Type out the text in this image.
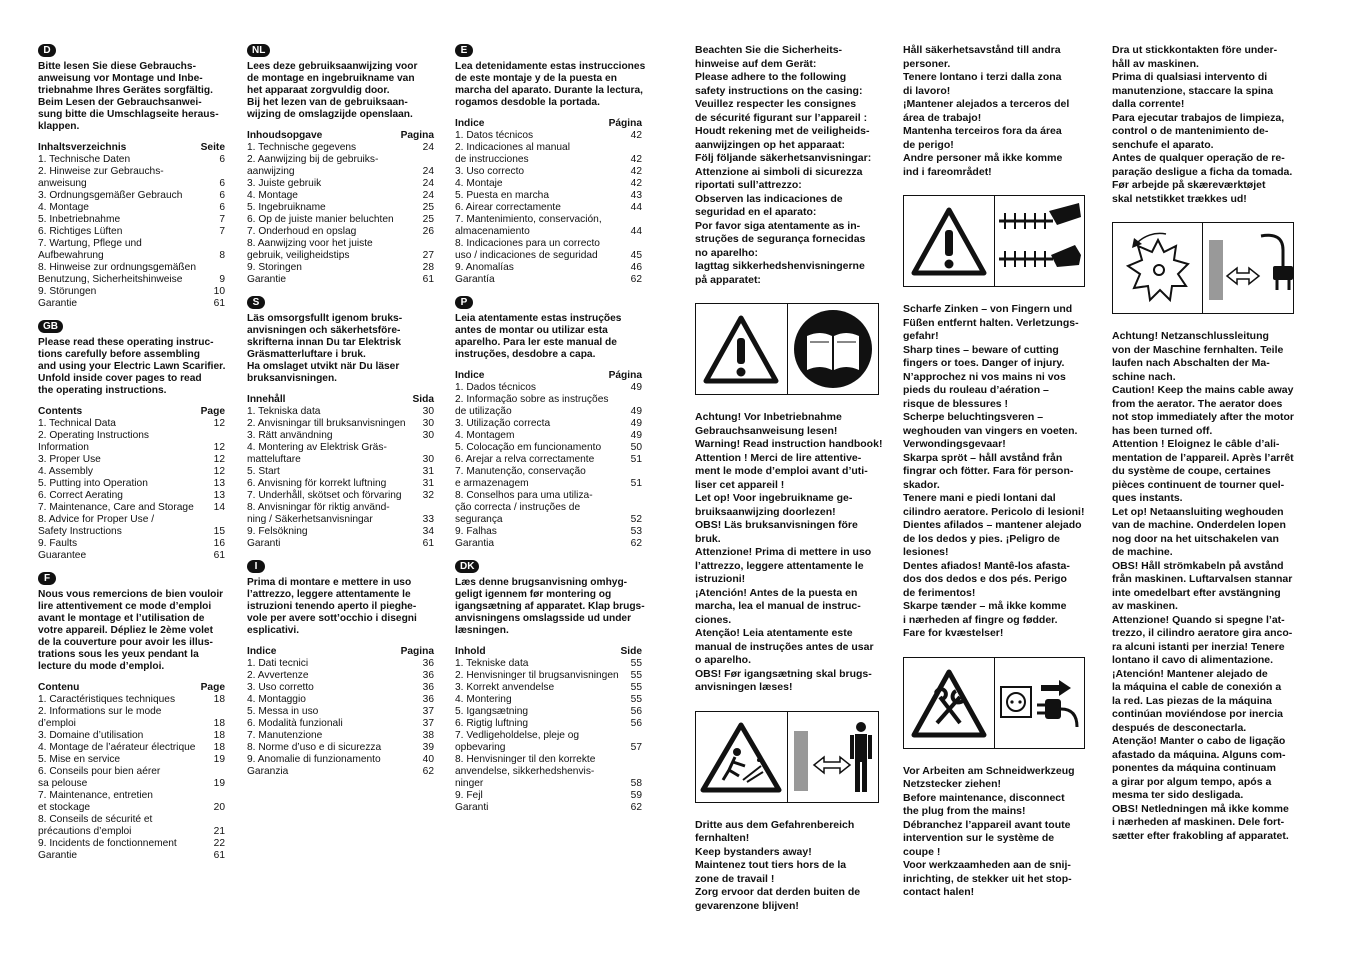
D
Bitte lesen Sie diese Gebrauchs-
anweisung vor Montage und Inbe-
triebnahme Ihres Gerätes sorgfältig.
Beim Lesen der Gebrauchsanwei-
sung bitte die Umschlagseite heraus-
klappen.
Inhaltsverzeichnis	Seite
1. Technische Daten	6
2. Hinweise zur Gebrauchs-
anweisung	6
3. Ordnungsgemäßer Gebrauch	6
4. Montage	6
5. Inbetriebnahme	7
6. Richtiges Lüften	7
7. Wartung, Pflege und
Aufbewahrung	8
8. Hinweise zur ordnungsgemäßen
Benutzung, Sicherheitshinweise	9
9. Störungen	10
Garantie	61
GB
Please read these operating instruc-
tions carefully before assembling
and using your Electric Lawn Scarifier.
Unfold inside cover pages to read
the operating instructions.
Contents	Page
1. Technical Data	12
2. Operating Instructions
Information	12
3. Proper Use	12
4. Assembly	12
5. Putting into Operation	13
6. Correct Aerating	13
7. Maintenance, Care and Storage	14
8. Advice for Proper Use /
Safety Instructions	15
9. Faults	16
Guarantee	61
F
Nous vous remercions de bien vouloir
lire attentivement ce mode d’emploi
avant le montage et l’utilisation de
votre appareil. Dépliez le 2ème volet
de la couverture pour avoir les illus-
trations sous les yeux pendant la
lecture du mode d’emploi.
Contenu	Page
1. Caractéristiques techniques	18
2. Informations sur le mode
d’emploi	18
3. Domaine d’utilisation	18
4. Montage de l’aérateur électrique	18
5. Mise en service	19
6. Conseils pour bien aérer
sa pelouse	19
7. Maintenance, entretien
et stockage	20
8. Conseils de sécurité et
précautions d’emploi	21
9. Incidents de fonctionnement	22
Garantie	61
NL
Lees deze gebruiksaanwijzing voor
de montage en ingebruikname van
het apparaat zorgvuldig door.
Bij het lezen van de gebruiksaan-
wijzing de omslagzijde openslaan.
Inhoudsopgave	Pagina
1. Technische gegevens	24
2. Aanwijzing bij de gebruiks-
aanwijzing	24
3. Juiste gebruik	24
4. Montage	24
5. Ingebruikname	25
6. Op de juiste manier beluchten	25
7. Onderhoud en opslag	26
8. Aanwijzing voor het juiste
gebruik, veiligheidstips	27
9. Storingen	28
Garantie	61
S
Läs omsorgsfullt igenom bruks-
anvisningen och säkerhetsföre-
skrifterna innan Du tar Elektrisk
Gräsmatterluftare i bruk.
Ha omslaget utvikt när Du läser
bruksanvisningen.
Innehåll	Sida
1. Tekniska data	30
2. Anvisningar till bruksanvisningen	30
3. Rätt användning	30
4. Montering av Elektrisk Gräs-
matteluftare	30
5. Start	31
6. Anvisning för korrekt luftning	31
7. Underhåll, skötset och förvaring	32
8. Anvisningar för riktig använd-
ning / Säkerhetsanvisningar	33
9. Felsökning	34
Garanti	61
I
Prima di montare e mettere in uso
l’attrezzo, leggere attentamente le
istruzioni tenendo aperto il pieghe-
vole per avere sott’occhio i disegni
esplicativi.
Indice	Pagina
1. Dati tecnici	36
2. Avvertenze	36
3. Uso corretto	36
4. Montaggio	36
5. Messa in uso	37
6. Modalità funzionali	37
7. Manutenzione	38
8. Norme d’uso e di sicurezza	39
9. Anomalie di funzionamento	40
Garanzia	62
E
Lea detenidamente estas instrucciones
de este montaje y de la puesta en
marcha del aparato. Durante la lectura,
rogamos desdoble la portada.
Indice	Página
1. Datos técnicos	42
2. Indicaciones al manual
de instrucciones	42
3. Uso correcto	42
4. Montaje	42
5. Puesta en marcha	43
6. Airear correctamente	44
7. Mantenimiento, conservación,
almacenamiento	44
8. Indicaciones para un correcto
uso / indicaciones de seguridad	45
9. Anomalías	46
Garantía	62
P
Leia atentamente estas instruções
antes de montar ou utilizar esta
aparelho. Para ler este manual de
instruções, desdobre a capa.
Indice	Página
1. Dados técnicos	49
2. Informação sobre as instruções
de utilização	49
3. Utilização correcta	49
4. Montagem	49
5. Colocação em funcionamento	50
6. Arejar a relva correctamente	51
7. Manutenção, conservação
e armazenagem	51
8. Conselhos para uma utiliza-
ção correcta / instruções de
segurança	52
9. Falhas	53
Garantia	62
DK
Læs denne brugsanvisning omhyg-
geligt igennem før montering og
igangsætning af apparatet. Klap brugs-
anvisningens omslagsside ud under
læsningen.
Inhold	Side
1. Tekniske data	55
2. Henvisninger til brugsanvisningen	55
3. Korrekt anvendelse	55
4. Montering	55
5. Igangsætning	56
6. Rigtig luftning	56
7. Vedligeholdelse, pleje og
opbevaring	57
8. Henvisninger til den korrekte
anvendelse, sikkerhedshenvis-
ninger	58
9. Fejl	59
Garanti	62
Beachten Sie die Sicherheits-
hinweise auf dem Gerät:
Please adhere to the following
safety instructions on the casing:
Veuillez respecter les consignes
de sécurité figurant sur l’appareil :
Houdt rekening met de veiligheids-
aanwijzingen op het apparaat:
Följ följande säkerhetsanvisningar:
Attenzione ai simboli di sicurezza
riportati sull’attrezzo:
Observen las indicaciones de
seguridad en el aparato:
Por favor siga atentamente as in-
struções de segurança fornecidas
no aparelho:
Iagttag sikkerhedshenvisningerne
på apparatet:
Achtung! Vor Inbetriebnahme
Gebrauchsanweisung lesen!
Warning! Read instruction handbook!
Attention ! Merci de lire attentive-
ment le mode d’emploi avant d’uti-
liser cet appareil !
Let op! Voor ingebruikname ge-
bruiksaanwijzing doorlezen!
OBS! Läs bruksanvisningen före
bruk.
Attenzione! Prima di mettere in uso
l’attrezzo, leggere attentamente le
istruzioni!
¡Atención! Antes de la puesta en
marcha, lea el manual de instruc-
ciones.
Atenção! Leia atentamente este
manual de instruções antes de usar
o aparelho.
OBS! Før igangsætning skal brugs-
anvisningen læses!
Dritte aus dem Gefahrenbereich
fernhalten!
Keep bystanders away!
Maintenez tout tiers hors de la
zone de travail !
Zorg ervoor dat derden buiten de
gevarenzone blijven!
Håll säkerhetsavstånd till andra
personer.
Tenere lontano i terzi dalla zona
di lavoro!
¡Mantener alejados a terceros del
área de trabajo!
Mantenha terceiros fora da área
de perigo!
Andre personer må ikke komme
ind i fareområdet!
Scharfe Zinken – von Fingern und
Füßen entfernt halten. Verletzungs-
gefahr!
Sharp tines – beware of cutting
fingers or toes. Danger of injury.
N’approchez ni vos mains ni vos
pieds du rouleau d’aération –
risque de blessures !
Scherpe beluchtingsveren –
weghouden van vingers en voeten.
Verwondingsgevaar!
Skarpa spröt – håll avstånd från
fingrar och fötter. Fara för person-
skador.
Tenere mani e piedi lontani dal
cilindro aeratore. Pericolo di lesioni!
Dientes afilados – mantener alejado
de los dedos y pies. ¡Peligro de
lesiones!
Dentes afiados! Mantê-los afasta-
dos dos dedos e dos pés. Perigo
de ferimentos!
Skarpe tænder – må ikke komme
i nærheden af fingre og fødder.
Fare for kvæstelser!
Vor Arbeiten am Schneidwerkzeug
Netzstecker ziehen!
Before maintenance, disconnect
the plug from the mains!
Débranchez l’appareil avant toute
intervention sur le système de
coupe !
Voor werkzaamheden aan de snij-
inrichting, de stekker uit het stop-
contact halen!
Dra ut stickkontakten före under-
håll av maskinen.
Prima di qualsiasi intervento di
manutenzione, staccare la spina
dalla corrente!
Para ejecutar trabajos de limpieza,
control o de mantenimiento de-
senchufe el aparato.
Antes de qualquer operação de re-
paração desligue a ficha da tomada.
Før arbejde på skæreværktøjet
skal netstikket trækkes ud!
Achtung! Netzanschlussleitung
von der Maschine fernhalten. Teile
laufen nach Abschalten der Ma-
schine nach.
Caution! Keep the mains cable away
from the aerator. The aerator does
not stop immediately after the motor
has been turned off.
Attention ! Eloignez le câble d’ali-
mentation de l’appareil. Après l’arrêt
du système de coupe, certaines
pièces continuent de tourner quel-
ques instants.
Let op! Netaansluiting weghouden
van de machine. Onderdelen lopen
nog door na het uitschakelen van
de machine.
OBS! Håll strömkabeln på avstånd
från maskinen. Luftarvalsen stannar
inte omedelbart efter avstängning
av maskinen.
Attenzione! Quando si spegne l’at-
trezzo, il cilindro aeratore gira anco-
ra alcuni istanti per inerzia! Tenere
lontano il cavo di alimentazione.
¡Atención! Mantener alejado de
la máquina el cable de conexión a
la red. Las piezas de la máquina
continúan moviéndose por inercia
después de desconectarla.
Atenção! Manter o cabo de ligação
afastado da máquina. Alguns com-
ponentes da máquina continuam
a girar por algum tempo, após a
mesma ter sido desligada.
OBS! Netledningen må ikke komme
i nærheden af maskinen. Dele fort-
sætter efter frakobling af apparatet.
